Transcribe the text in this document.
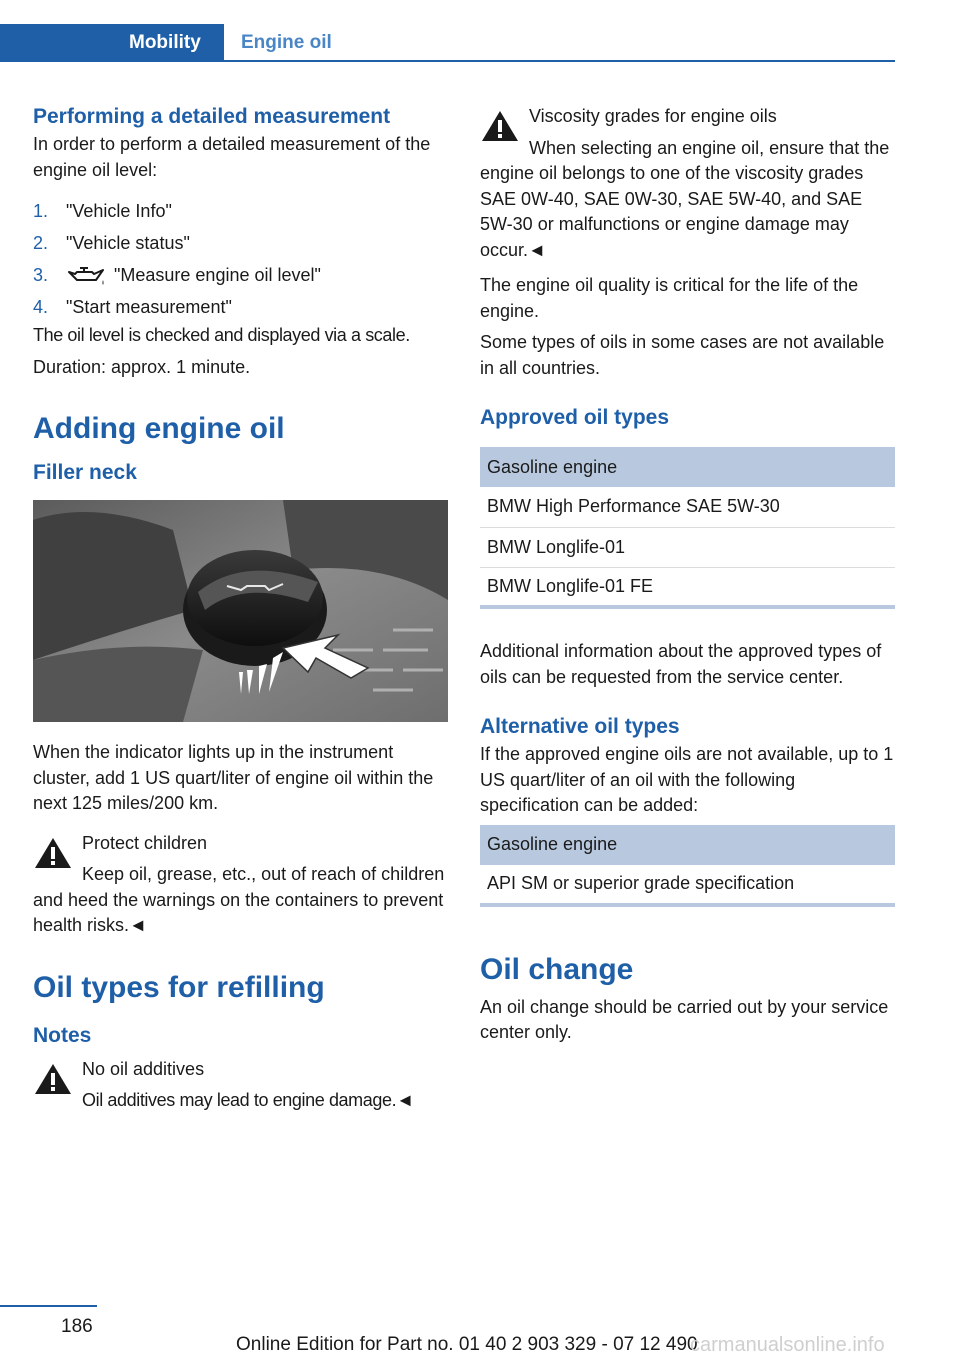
Mobility	Engine oil
Performing a detailed measurement

In order to perform a detailed measurement of the engine oil level:

1. "Vehicle Info"
2. "Vehicle status"
3.	"Measure engine oil level"
4. "Start measurement"

The oil level is checked and displayed via a scale.

Duration: approx. 1 minute.

Adding engine oil
Filler neck

When the indicator lights up in the instrument cluster, add 1 US quart/liter of engine oil within the next 125 miles/200 km.

Protect children

Keep oil, grease, etc., out of reach of children and heed the warnings on the containers to prevent health risks.◄

Oil types for refilling
Notes

No oil additives

Oil additives may lead to engine damage.◄

Viscosity grades for engine oils

When selecting an engine oil, ensure that the engine oil belongs to one of the viscosity grades SAE 0W-40, SAE 0W-30, SAE 5W-40, and SAE 5W-30 or malfunctions or engine damage may occur.◄

The engine oil quality is critical for the life of the engine.

Some types of oils in some cases are not available in all countries.

Approved oil types
Gasoline engine
BMW High Performance SAE 5W-30
BMW Longlife-01
BMW Longlife-01 FE

Additional information about the approved types of oils can be requested from the service center.

Alternative oil types

If the approved engine oils are not available, up to 1 US quart/liter of an oil with the following specification can be added:

Gasoline engine
API SM or superior grade specification
Oil change

An oil change should be carried out by your service center only.

186
Online Edition for Part no. 01 40 2 903 329 - 07 12 490
carmanualsonline.info
